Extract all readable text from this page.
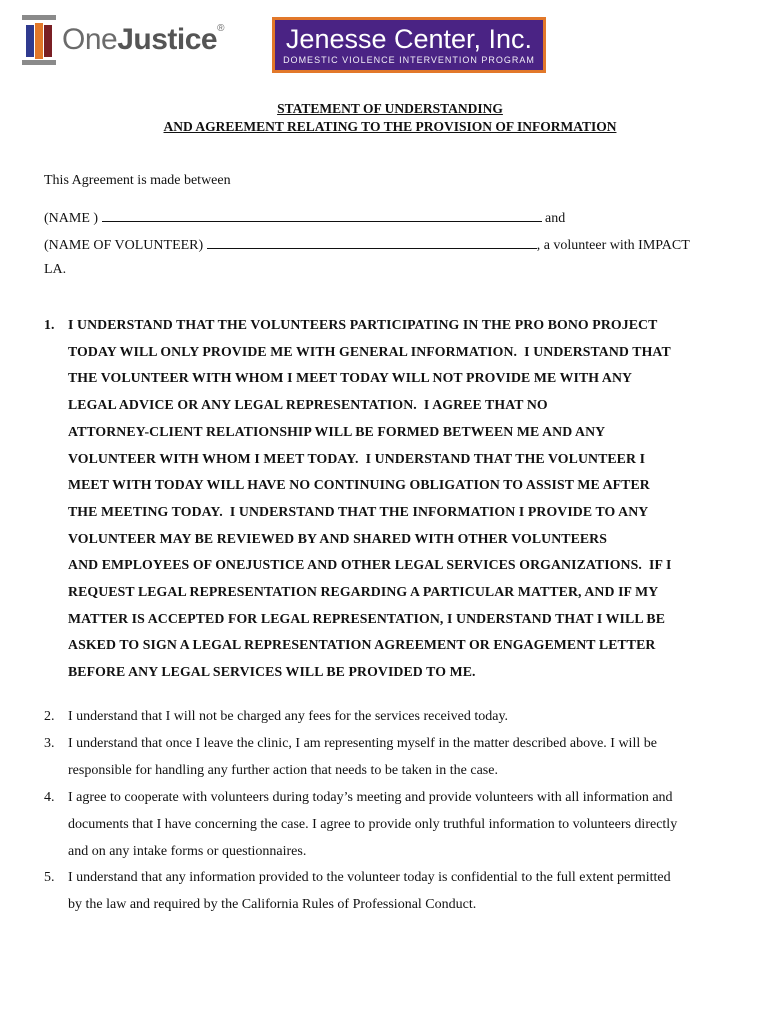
OneJustice® Jenesse Center, Inc.
DOMESTIC VIOLENCE INTERVENTION PROGRAM
STATEMENT OF UNDERSTANDING
AND AGREEMENT RELATING TO THE PROVISION OF INFORMATION
This Agreement is made between
(NAME )	and
(NAME OF VOLUNTEER)	, a volunteer with IMPACT
LA.
1. I UNDERSTAND THAT THE VOLUNTEERS PARTICIPATING IN THE PRO BONO PROJECT
TODAY WILL ONLY PROVIDE ME WITH GENERAL INFORMATION.  I UNDERSTAND THAT
THE VOLUNTEER WITH WHOM I MEET TODAY WILL NOT PROVIDE ME WITH ANY
LEGAL ADVICE OR ANY LEGAL REPRESENTATION.  I AGREE THAT NO
ATTORNEY-CLIENT RELATIONSHIP WILL BE FORMED BETWEEN ME AND ANY
VOLUNTEER WITH WHOM I MEET TODAY.  I UNDERSTAND THAT THE VOLUNTEER I
MEET WITH TODAY WILL HAVE NO CONTINUING OBLIGATION TO ASSIST ME AFTER
THE MEETING TODAY.  I UNDERSTAND THAT THE INFORMATION I PROVIDE TO ANY
VOLUNTEER MAY BE REVIEWED BY AND SHARED WITH OTHER VOLUNTEERS
AND EMPLOYEES OF ONEJUSTICE AND OTHER LEGAL SERVICES ORGANIZATIONS.  IF I
REQUEST LEGAL REPRESENTATION REGARDING A PARTICULAR MATTER, AND IF MY
MATTER IS ACCEPTED FOR LEGAL REPRESENTATION, I UNDERSTAND THAT I WILL BE
ASKED TO SIGN A LEGAL REPRESENTATION AGREEMENT OR ENGAGEMENT LETTER
BEFORE ANY LEGAL SERVICES WILL BE PROVIDED TO ME.
2. I understand that I will not be charged any fees for the services received today.
3. I understand that once I leave the clinic, I am representing myself in the matter described above. I will be
responsible for handling any further action that needs to be taken in the case.
4. I agree to cooperate with volunteers during today’s meeting and provide volunteers with all information and
documents that I have concerning the case. I agree to provide only truthful information to volunteers directly
and on any intake forms or questionnaires.
5. I understand that any information provided to the volunteer today is confidential to the full extent permitted
by the law and required by the California Rules of Professional Conduct.
